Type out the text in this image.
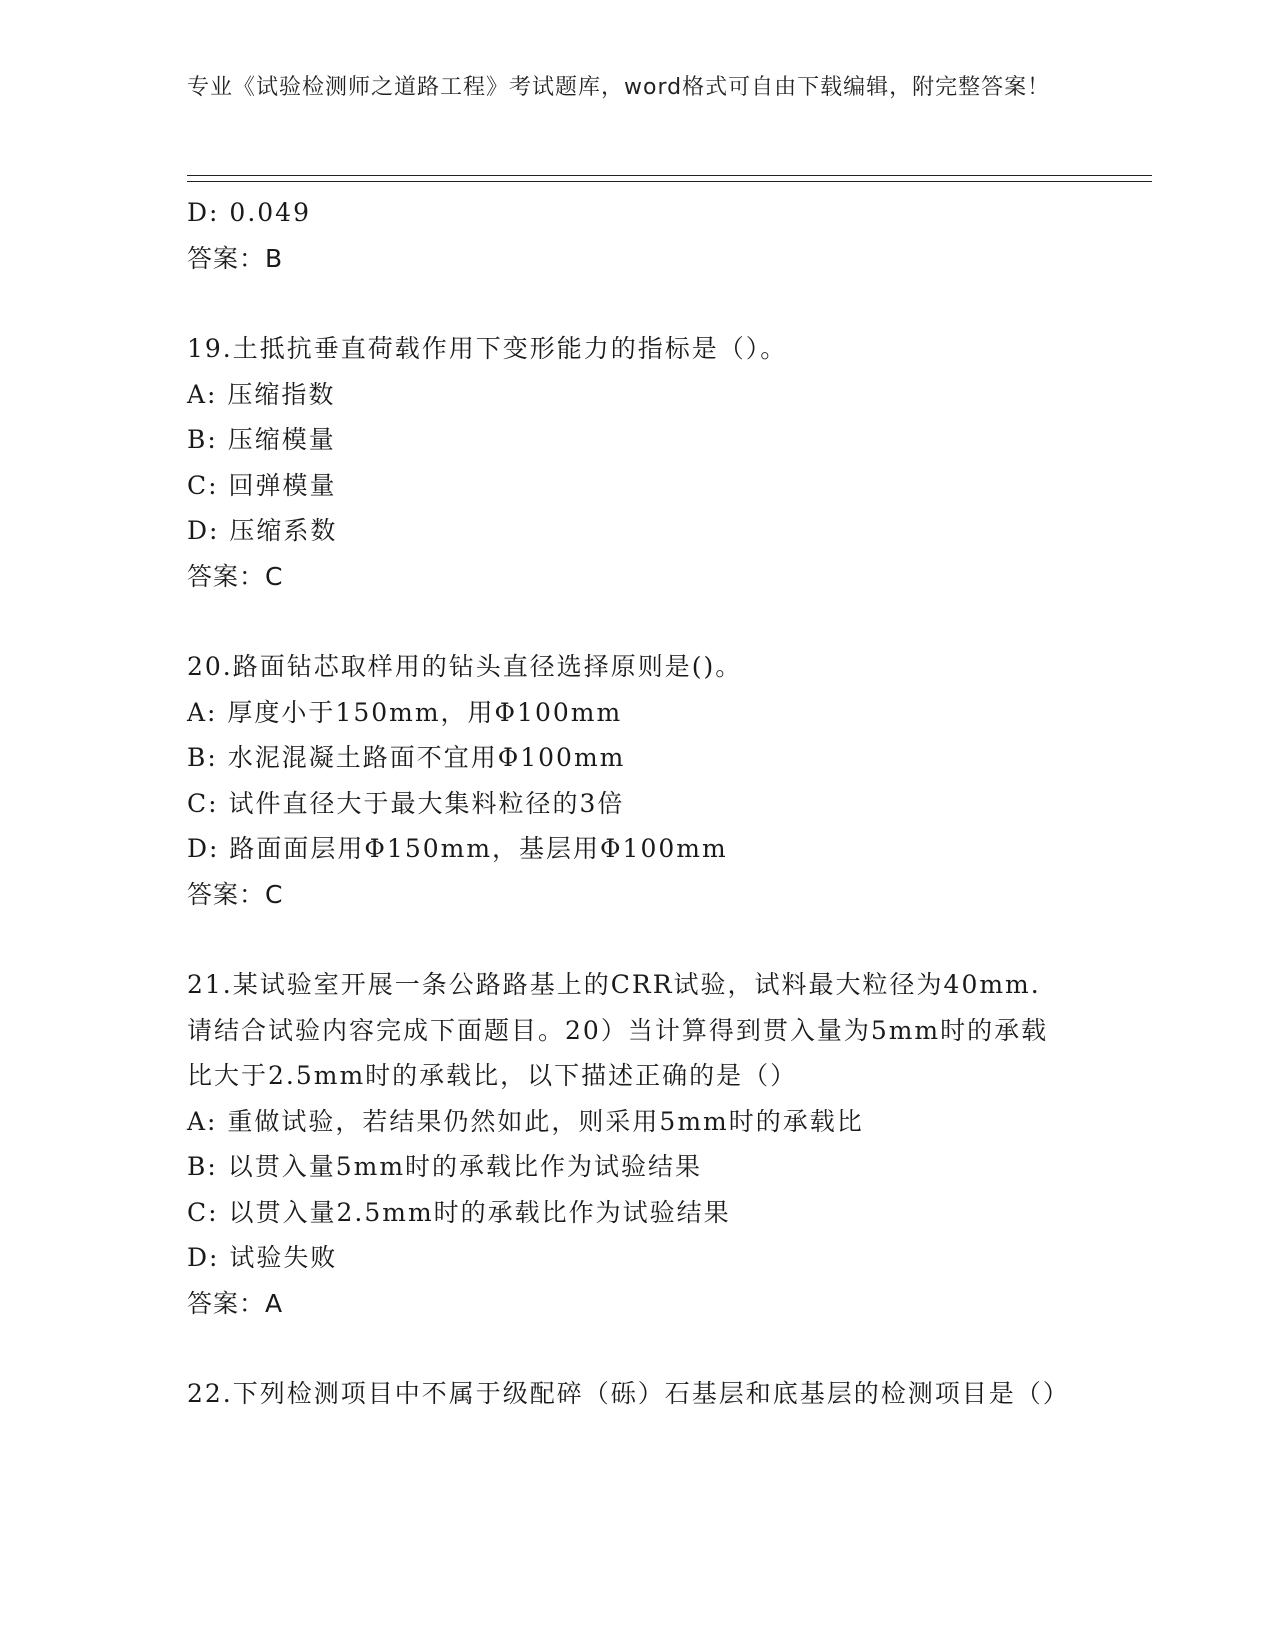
专业《试验检测师之道路工程》考试题库，word格式可自由下载编辑，附完整答案！
D: 0.049
答案：B
19.土抵抗垂直荷载作用下变形能力的指标是（）。
A: 压缩指数
B: 压缩模量
C: 回弹模量
D: 压缩系数
答案：C
20.路面钻芯取样用的钻头直径选择原则是()。
A: 厚度小于150mm，用Φ100mm
B: 水泥混凝土路面不宜用Φ100mm
C: 试件直径大于最大集料粒径的3倍
D: 路面面层用Φ150mm，基层用Φ100mm
答案：C
21.某试验室开展一条公路路基上的CRR试验，试料最大粒径为40mm.请结合试验内容完成下面题目。20）当计算得到贯入量为5mm时的承载比大于2.5mm时的承载比，以下描述正确的是（）
A: 重做试验，若结果仍然如此，则采用5mm时的承载比
B: 以贯入量5mm时的承载比作为试验结果
C: 以贯入量2.5mm时的承载比作为试验结果
D: 试验失败
答案：A
22.下列检测项目中不属于级配碎（砾）石基层和底基层的检测项目是（）
